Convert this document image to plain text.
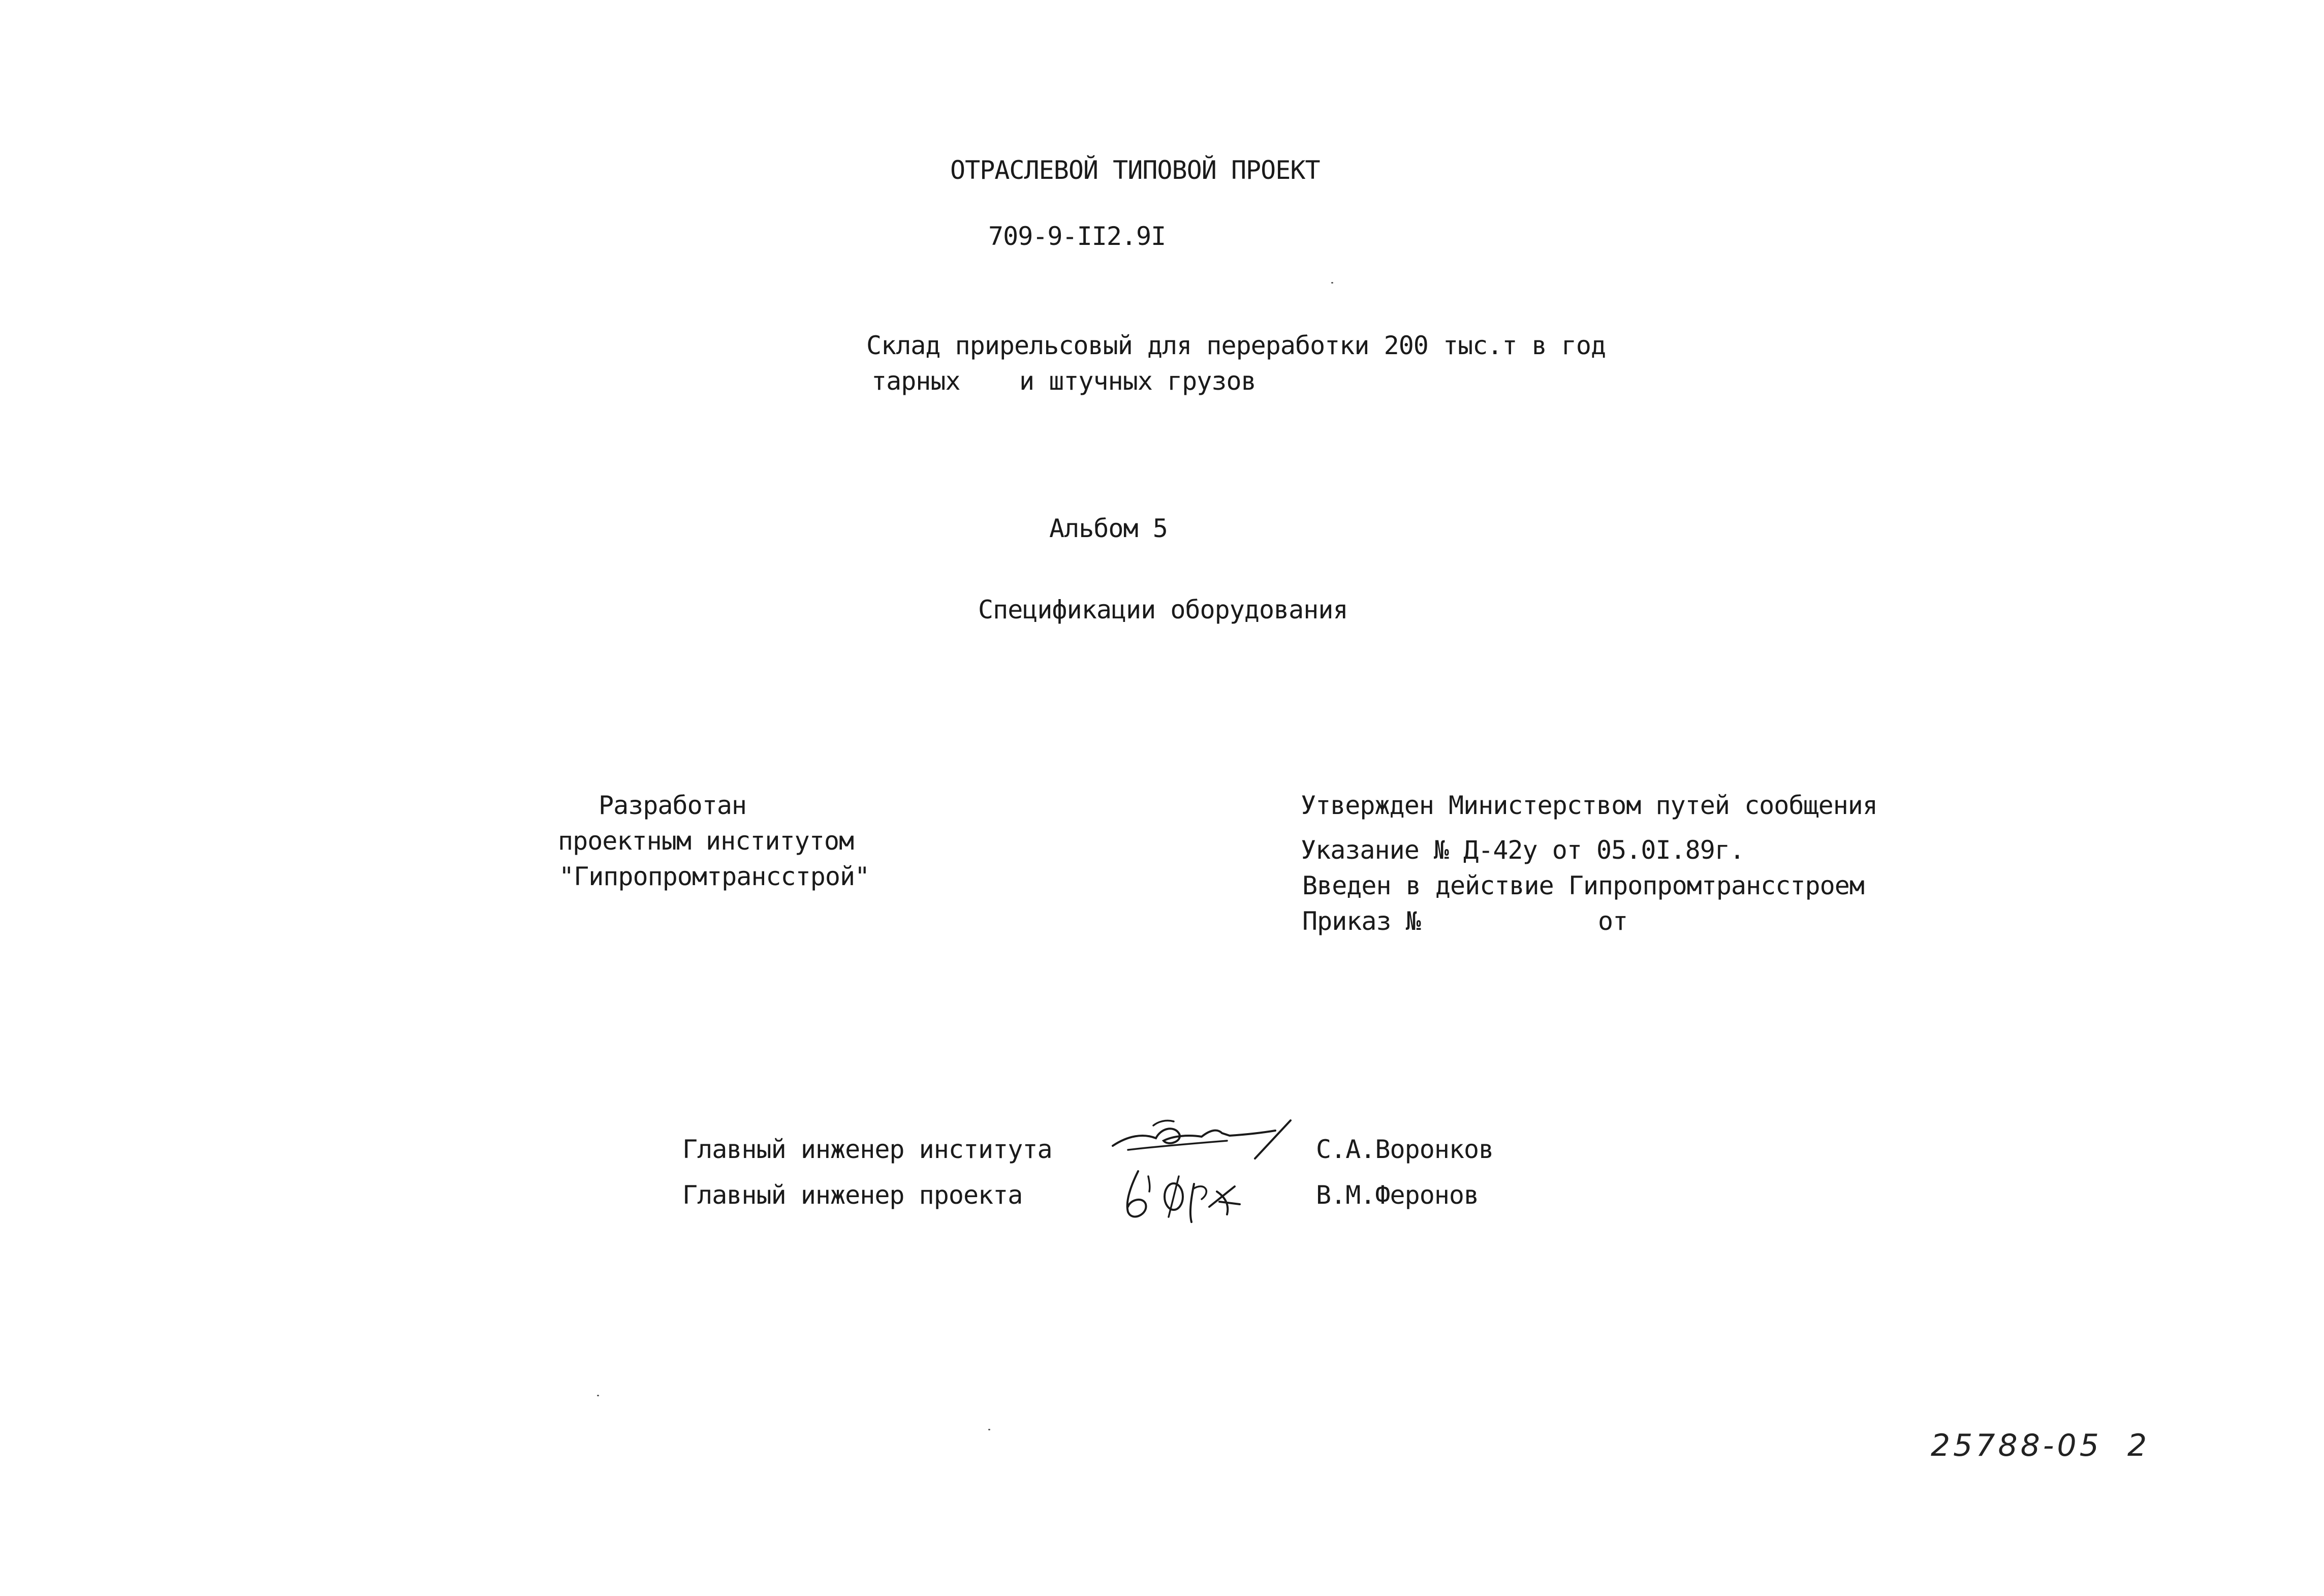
ОТРАСЛЕВОЙ ТИПОВОЙ ПРОЕКТ
709-9-II2.9I
Склад прирельсовый для переработки 200 тыс.т в год
тарных    и штучных грузов
Альбом 5
Спецификации оборудования
Разработан
проектным институтом
"Гипропромтрансстрой"
Утвержден Министерством путей сообщения
Указание № Д-42у от 05.0I.89г.
Введен в действие Гипропромтрансстроем
Приказ №            от
Главный инженер института	С.А.Воронков
Главный инженер проекта	В.М.Феронов
25788-05  2
